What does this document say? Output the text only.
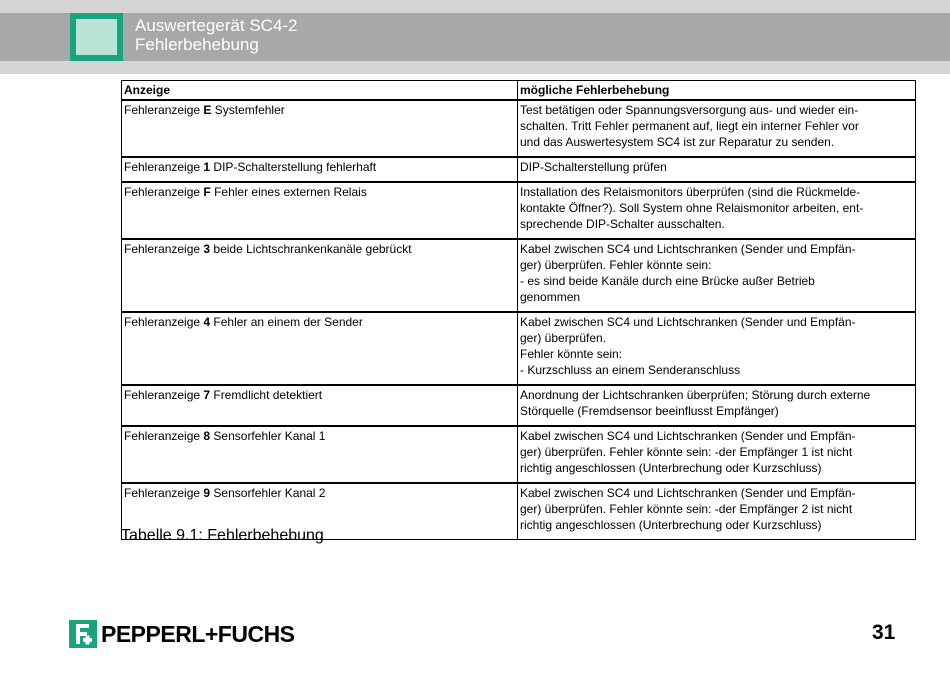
Auswertegerät SC4-2
Fehlerbehebung
Anzeige	mögliche Fehlerbehebung
Fehleranzeige E Systemfehler	Test betätigen oder Spannungsversorgung aus- und wieder ein-
schalten. Tritt Fehler permanent auf, liegt ein interner Fehler vor
und das Auswertesystem SC4 ist zur Reparatur zu senden.
Fehleranzeige 1 DIP-Schalterstellung fehlerhaft	DIP-Schalterstellung prüfen
Fehleranzeige F Fehler eines externen Relais	Installation des Relaismonitors überprüfen (sind die Rückmelde-
kontakte Öffner?). Soll System ohne Relaismonitor arbeiten, ent-
sprechende DIP-Schalter ausschalten.
Fehleranzeige 3 beide Lichtschrankenkanäle gebrückt	Kabel zwischen SC4 und Lichtschranken (Sender und Empfän-
ger) überprüfen. Fehler könnte sein:
- es sind beide Kanäle durch eine Brücke außer Betrieb
genommen
Fehleranzeige 4 Fehler an einem der Sender	Kabel zwischen SC4 und Lichtschranken (Sender und Empfän-
ger) überprüfen.
Fehler könnte sein:
- Kurzschluss an einem Senderanschluss
Fehleranzeige 7 Fremdlicht detektiert	Anordnung der Lichtschranken überprüfen; Störung durch externe
Störquelle (Fremdsensor beeinflusst Empfänger)
Fehleranzeige 8 Sensorfehler Kanal 1	Kabel zwischen SC4 und Lichtschranken (Sender und Empfän-
ger) überprüfen. Fehler könnte sein: -der Empfänger 1 ist nicht
richtig angeschlossen (Unterbrechung oder Kurzschluss)
Fehleranzeige 9 Sensorfehler Kanal 2	Kabel zwischen SC4 und Lichtschranken (Sender und Empfän-
ger) überprüfen. Fehler könnte sein: -der Empfänger 2 ist nicht
richtig angeschlossen (Unterbrechung oder Kurzschluss)
Tabelle 9.1: Fehlerbehebung
PEPPERL+FUCHS	31
